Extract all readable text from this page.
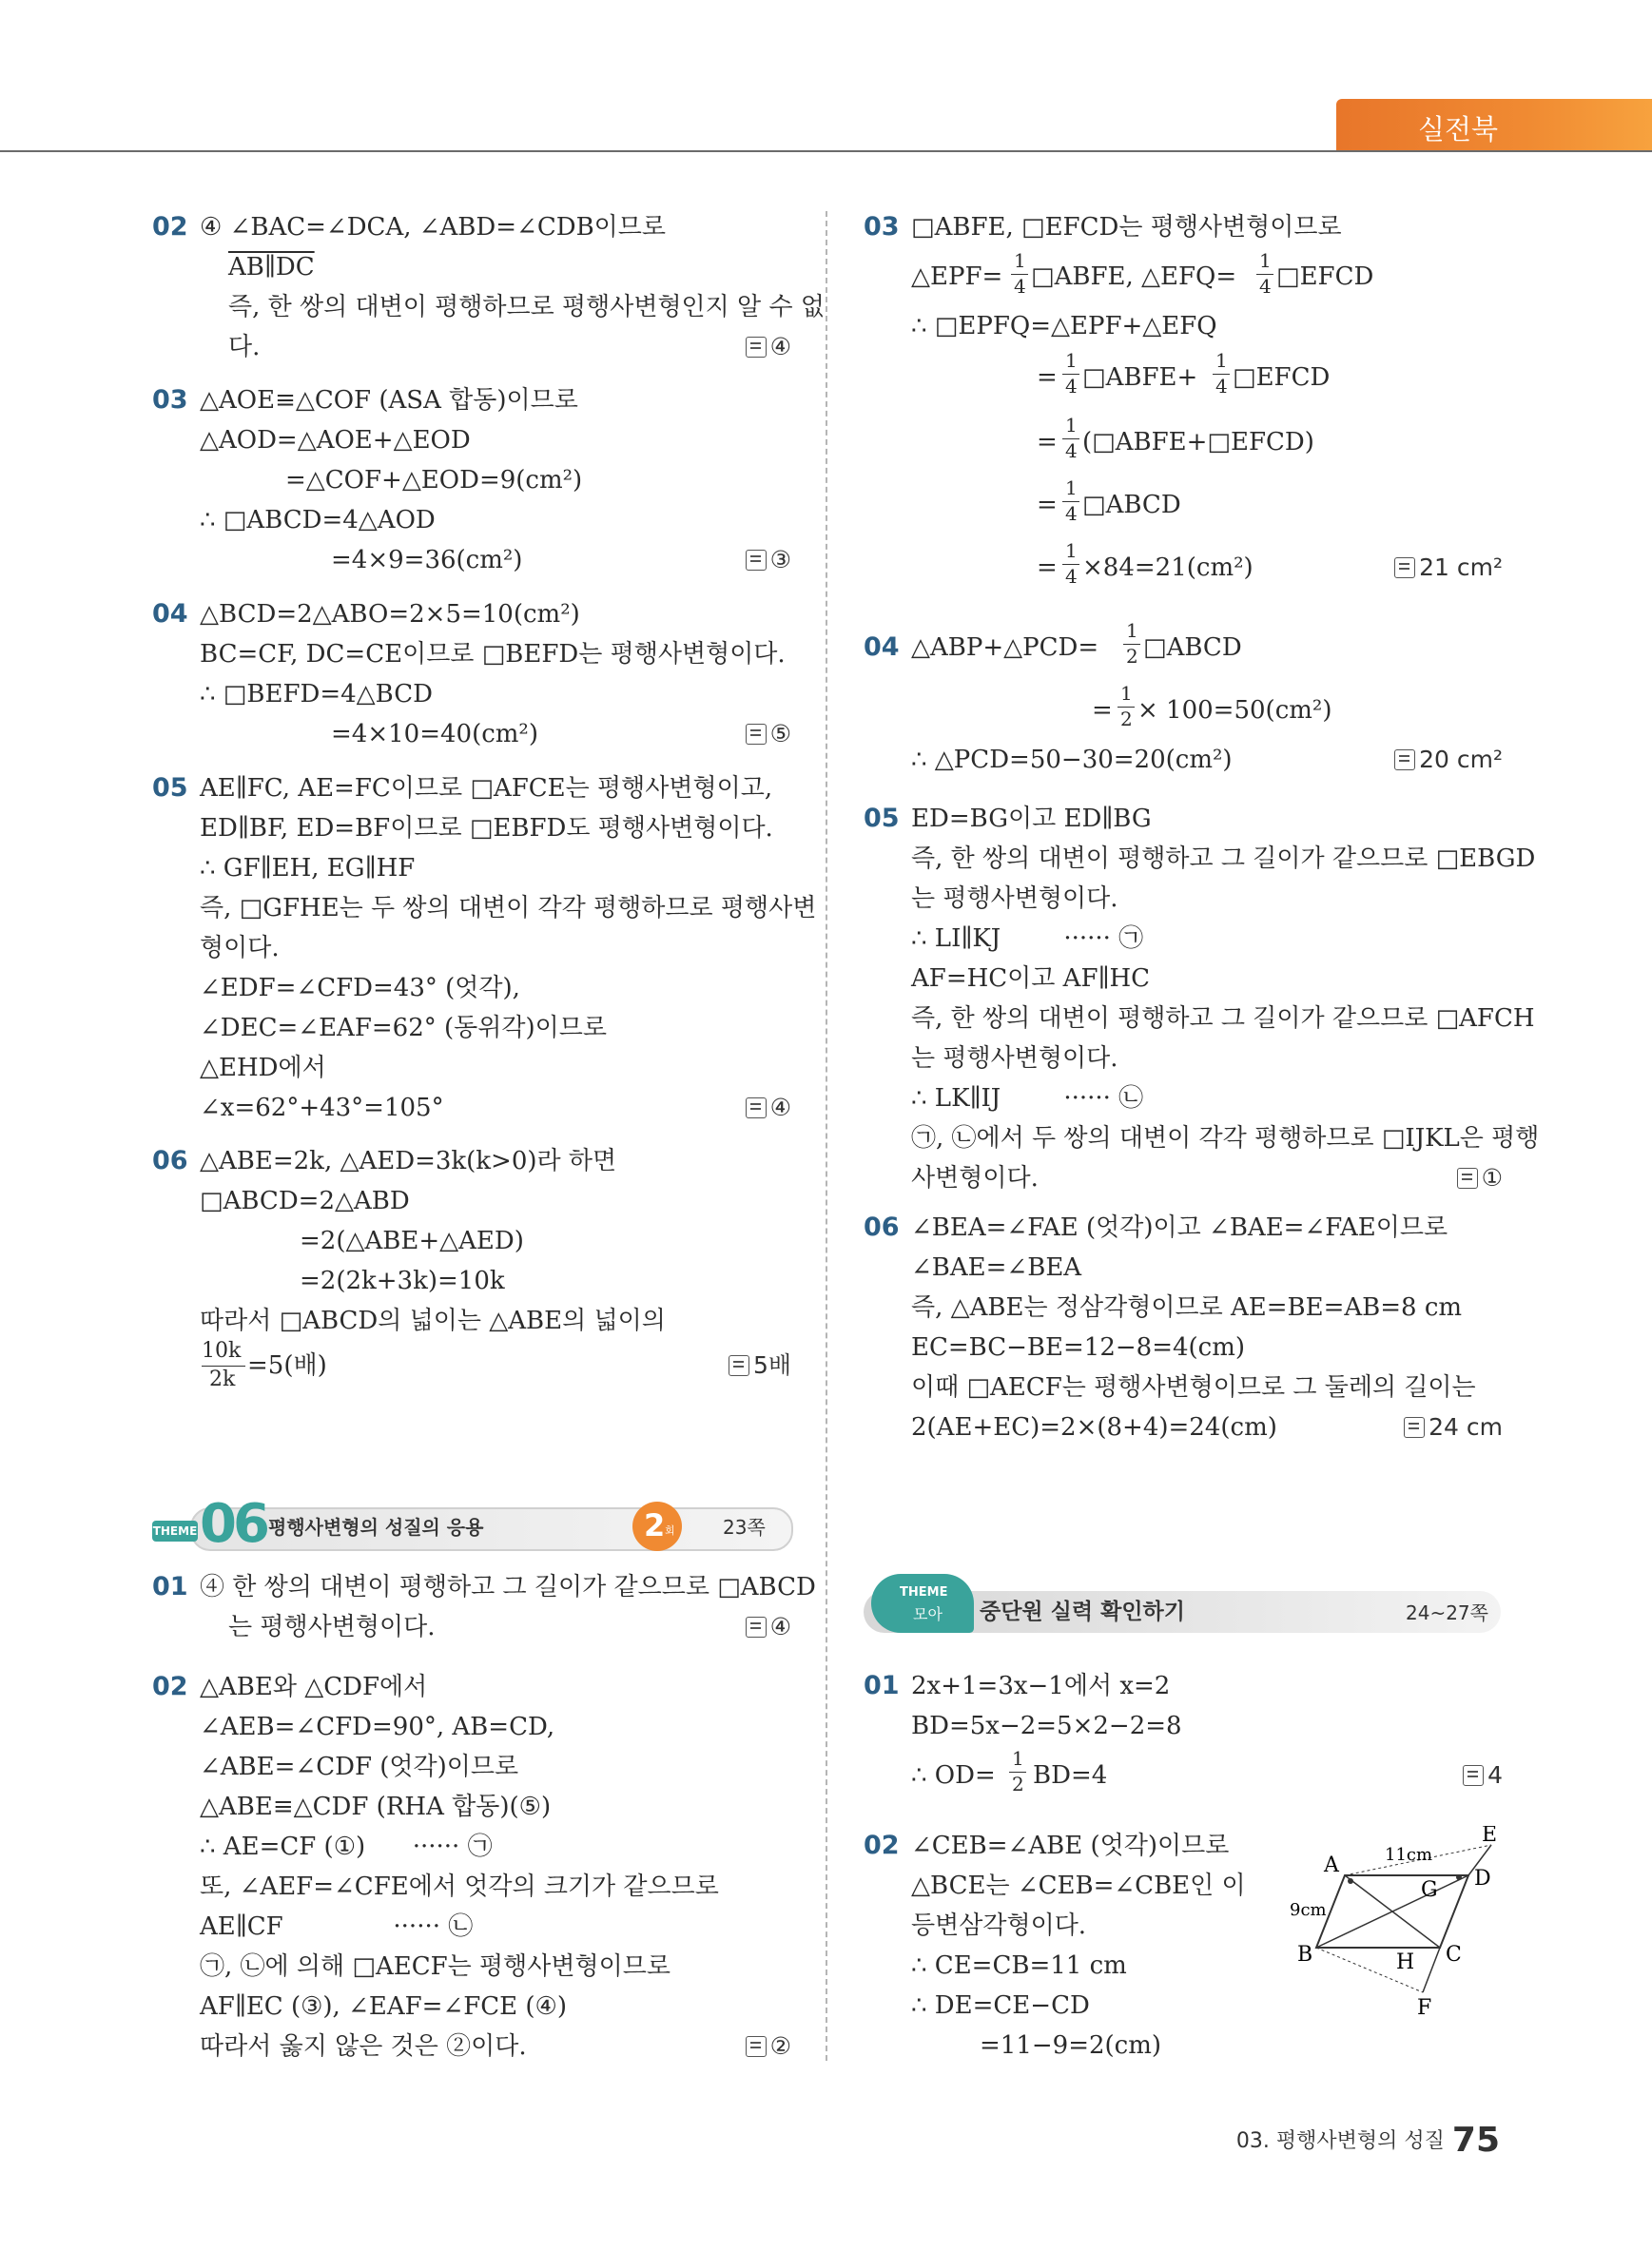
실전북
02 ④ ∠BAC=∠DCA, ∠ABD=∠CDB이므로
AB∥DC
즉, 한 쌍의 대변이 평행하므로 평행사변형인지 알 수 없
다.	④
03 △AOE≡△COF (ASA 합동)이므로
△AOD=△AOE+△EOD
=△COF+△EOD=9(cm²)
∴ □ABCD=4△AOD
=4×9=36(cm²)	③
04 △BCD=2△ABO=2×5=10(cm²)
BC=CF, DC=CE이므로 □BEFD는 평행사변형이다.
∴ □BEFD=4△BCD
=4×10=40(cm²)	⑤
05 AE∥FC, AE=FC이므로 □AFCE는 평행사변형이고,
ED∥BF, ED=BF이므로 □EBFD도 평행사변형이다.
∴ GF∥EH, EG∥HF
즉, □GFHE는 두 쌍의 대변이 각각 평행하므로 평행사변
형이다.
∠EDF=∠CFD=43° (엇각),
∠DEC=∠EAF=62° (동위각)이므로
△EHD에서
∠x=62°+43°=105°	④
06 △ABE=2k, △AED=3k(k>0)라 하면
□ABCD=2△ABD
=2(△ABE+△AED)
=2(2k+3k)=10k
따라서 □ABCD의 넓이는 △ABE의 넓이의
10k
2k =5(배)	5배
THEME 06 평행사변형의 성질의 응용	2 회	23쪽
01 ④ 한 쌍의 대변이 평행하고 그 길이가 같으므로 □ABCD
는 평행사변형이다.	④
02 △ABE와 △CDF에서
∠AEB=∠CFD=90°, AB=CD,
∠ABE=∠CDF (엇각)이므로
△ABE≡△CDF (RHA 합동)(⑤)
∴ AE=CF (①)      ······ ㉠
또, ∠AEF=∠CFE에서 엇각의 크기가 같으므로
AE∥CF              ······ ㉡
㉠, ㉡에 의해 □AECF는 평행사변형이므로
AF∥EC (③), ∠EAF=∠FCE (④)
따라서 옳지 않은 것은 ②이다.	②
03 □ABFE, □EFCD는 평행사변형이므로
△EPF=
1
4 □ABFE, △EFQ=
1
4 □EFCD
∴ □EPFQ=△EPF+△EFQ
=
1
4 □ABFE+
1
4 □EFCD
=
1
4 (□ABFE+□EFCD)
=
1
4 □ABCD
=
1
4 ×84=21(cm²)	21 cm²
04 △ABP+△PCD=
1
2 □ABCD
=
1
2 × 100=50(cm²)
∴ △PCD=50−30=20(cm²)	20 cm²
05 ED=BG이고 ED∥BG
즉, 한 쌍의 대변이 평행하고 그 길이가 같으므로 □EBGD
는 평행사변형이다.
∴ LI∥KJ        ······ ㉠
AF=HC이고 AF∥HC
즉, 한 쌍의 대변이 평행하고 그 길이가 같으므로 □AFCH
는 평행사변형이다.
∴ LK∥IJ        ······ ㉡
㉠, ㉡에서 두 쌍의 대변이 각각 평행하므로 □IJKL은 평행
사변형이다.	①
06 ∠BEA=∠FAE (엇각)이고 ∠BAE=∠FAE이므로
∠BAE=∠BEA
즉, △ABE는 정삼각형이므로 AE=BE=AB=8 cm
EC=BC−BE=12−8=4(cm)
이때 □AECF는 평행사변형이므로 그 둘레의 길이는
2(AE+EC)=2×(8+4)=24(cm)	24 cm
THEME
모아 중단원 실력 확인하기	24~27쪽
01 2x+1=3x−1에서 x=2
BD=5x−2=5×2−2=8
∴ OD=
1
2 BD=4	4
02 ∠CEB=∠ABE (엇각)이므로
△BCE는 ∠CEB=∠CBE인 이
등변삼각형이다.
∴ CE=CB=11 cm
∴ DE=CE−CD
=11−9=2(cm)
A
B	C
D
E
F
G
H
11cm
9cm
03. 평행사변형의 성질 75
